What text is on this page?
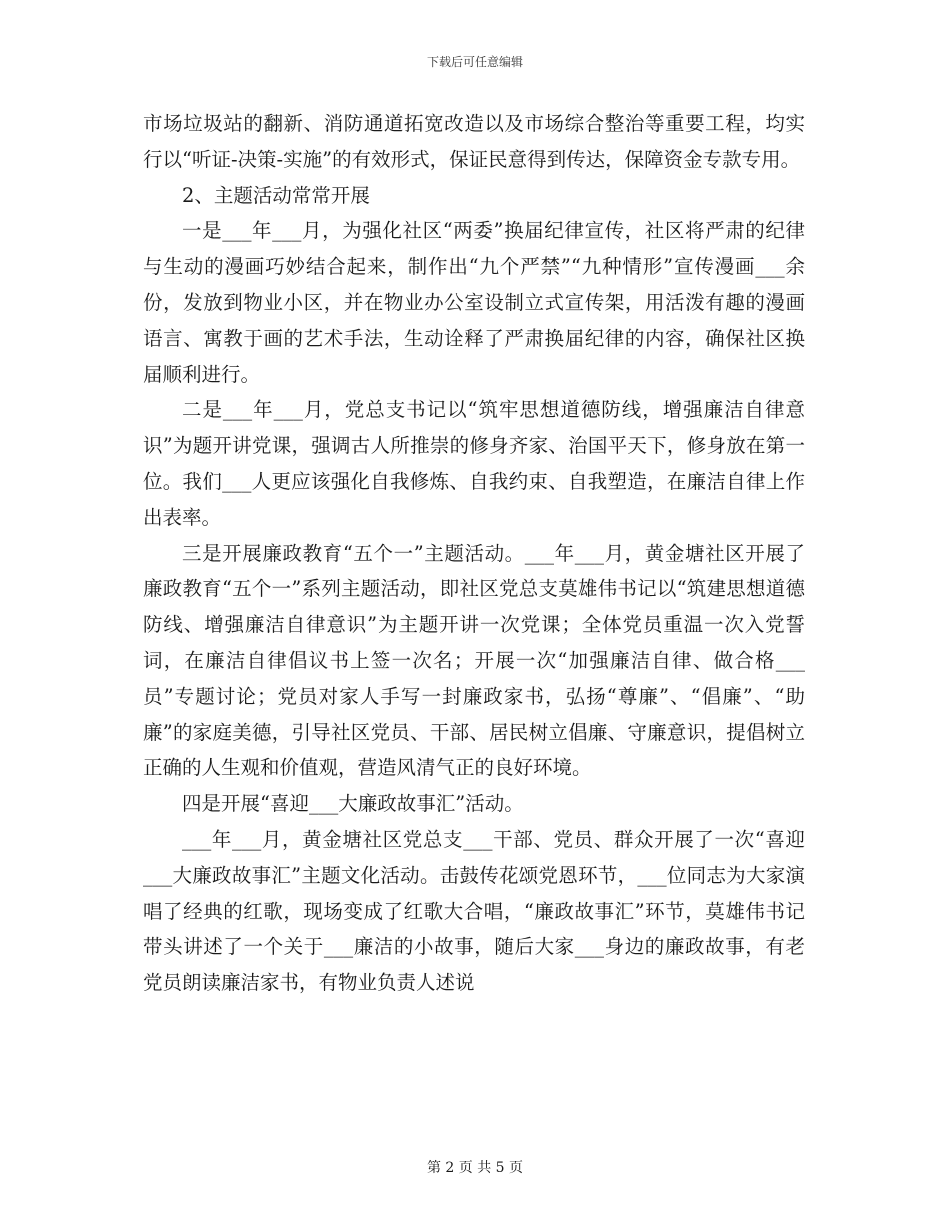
下载后可任意编辑

市场垃圾站的翻新、消防通道拓宽改造以及市场综合整治等重要工程，均实行以“听证-决策-实施”的有效形式，保证民意得到传达，保障资金专款专用。

2、主题活动常常开展

一是___年___月，为强化社区“两委”换届纪律宣传，社区将严肃的纪律与生动的漫画巧妙结合起来，制作出“九个严禁”“九种情形”宣传漫画___余份，发放到物业小区，并在物业办公室设制立式宣传架，用活泼有趣的漫画语言、寓教于画的艺术手法，生动诠释了严肃换届纪律的内容，确保社区换届顺利进行。

二是___年___月，党总支书记以“筑牢思想道德防线，增强廉洁自律意识”为题开讲党课，强调古人所推崇的修身齐家、治国平天下，修身放在第一位。我们___人更应该强化自我修炼、自我约束、自我塑造，在廉洁自律上作出表率。

三是开展廉政教育“五个一”主题活动。___年___月，黄金塘社区开展了廉政教育“五个一”系列主题活动，即社区党总支莫雄伟书记以“筑建思想道德防线、增强廉洁自律意识”为主题开讲一次党课；全体党员重温一次入党誓词，在廉洁自律倡议书上签一次名；开展一次“加强廉洁自律、做合格___员”专题讨论；党员对家人手写一封廉政家书，弘扬“尊廉”、“倡廉”、“助廉”的家庭美德，引导社区党员、干部、居民树立倡廉、守廉意识，提倡树立正确的人生观和价值观，营造风清气正的良好环境。

四是开展“喜迎___大廉政故事汇”活动。

___年___月，黄金塘社区党总支___干部、党员、群众开展了一次“喜迎___大廉政故事汇”主题文化活动。击鼓传花颂党恩环节，___位同志为大家演唱了经典的红歌，现场变成了红歌大合唱，“廉政故事汇”环节，莫雄伟书记带头讲述了一个关于___廉洁的小故事，随后大家___身边的廉政故事，有老党员朗读廉洁家书，有物业负责人述说

第 2 页 共 5 页
